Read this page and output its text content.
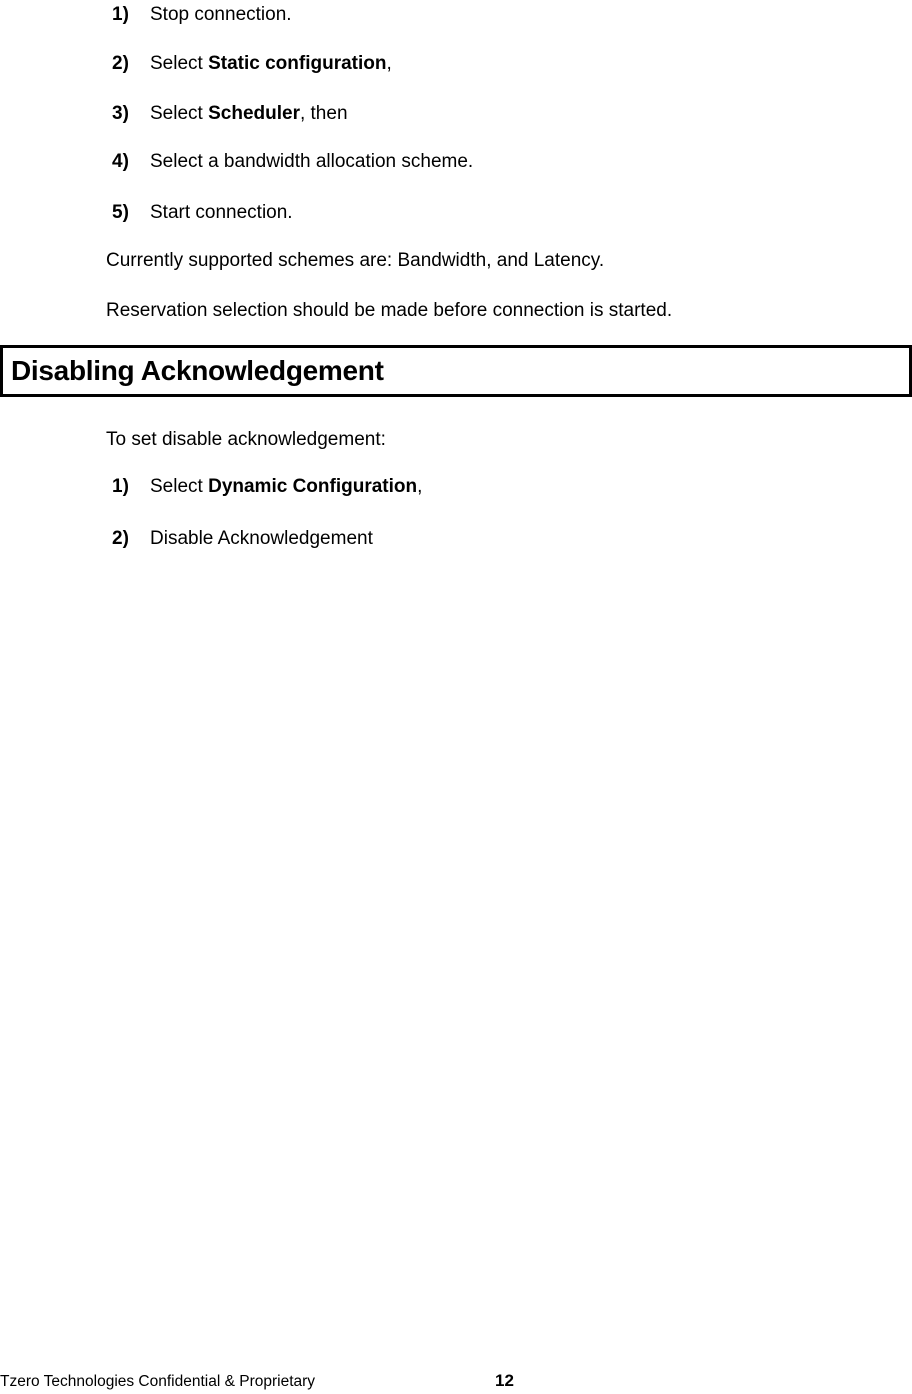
1)	Stop connection.
2)	Select Static configuration,
3)	Select Scheduler, then
4)	Select a bandwidth allocation scheme.
5)	Start connection.
Currently supported schemes are: Bandwidth, and Latency.
Reservation selection should be made before connection is started.
Disabling Acknowledgement
To set disable acknowledgement:
1)	Select Dynamic Configuration,
2)	Disable Acknowledgement
Tzero Technologies Confidential & Proprietary	12
